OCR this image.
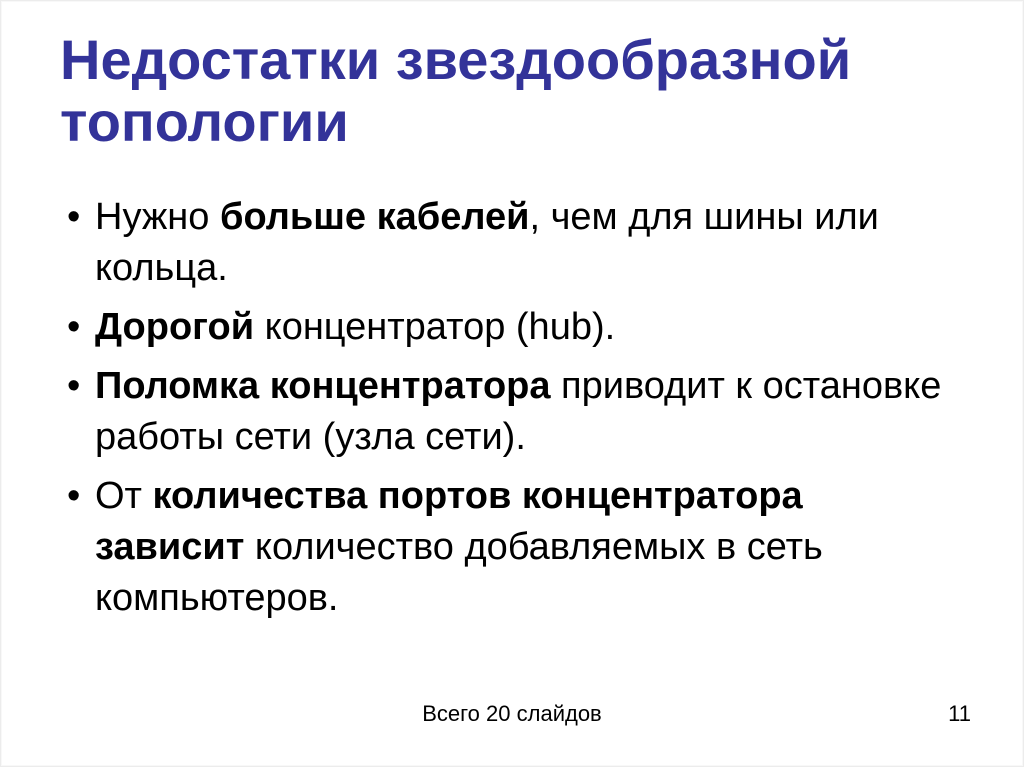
Недостатки звездообразной топологии
• Нужно больше кабелей, чем для шины или кольца.
• Дорогой концентратор (hub).
• Поломка концентратора приводит к остановке работы сети (узла сети).
• От количества портов концентратора зависит количество добавляемых в сеть компьютеров.
Всего 20 слайдов	11
